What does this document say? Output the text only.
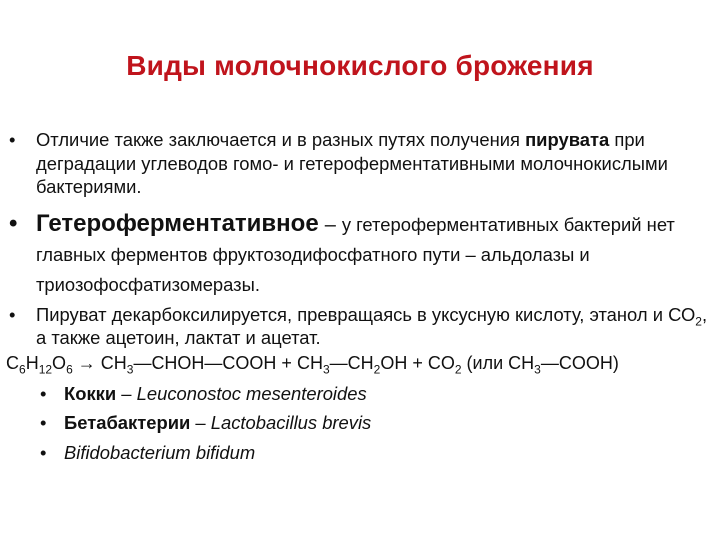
Виды молочнокислого брожения
• Отличие также заключается и в разных путях получения пирувата при деградации углеводов гомо- и гетероферментативными молочнокислыми бактериями.
• Гетероферментативное – у гетероферментативных бактерий нет главных ферментов фруктозодифосфатного пути – альдолазы и триозофосфатизомеразы.
• Пируват декарбоксилируется, превращаясь в уксусную кислоту, этанол и $СО_2$, а также ацетоин, лактат и ацетат.
$C_6H_{12}O_6$ → $CH_3—CHOH—COOH$ + $CH_3—CH_2OH + CO_2$ (или $CH_3—COOH$)
• Кокки – Leuconostoc mesenteroides
• Бетабактерии – Lactobacillus brevis
• Bifidobacterium bifidum
